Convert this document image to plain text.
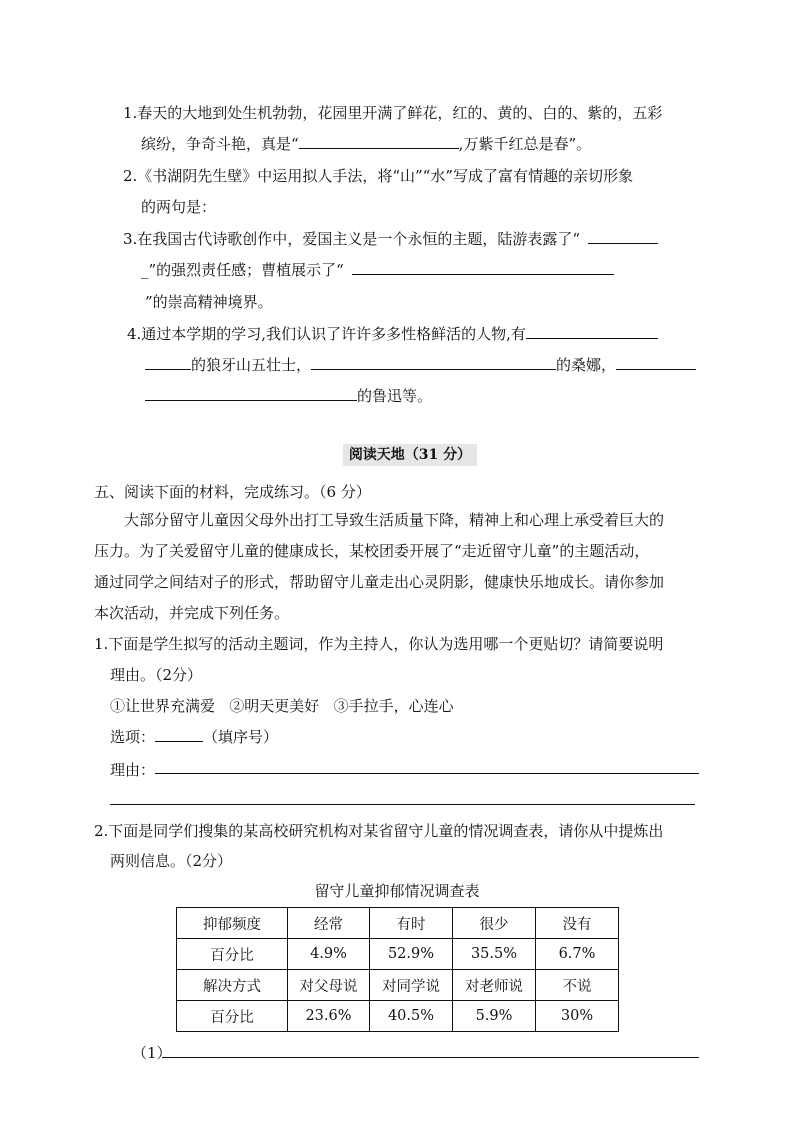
1.春天的大地到处生机勃勃，花园里开满了鲜花，红的、黄的、白的、紫的，五彩
缤纷，争奇斗艳，真是“	,万紫千红总是春”。
2.《书湖阴先生壁》中运用拟人手法，将“山”“水”写成了富有情趣的亲切形象
的两句是：
3.在我国古代诗歌创作中，爱国主义是一个永恒的主题，陆游表露了“
_”的强烈责任感；曹植展示了“
”的崇高精神境界。
4.通过本学期的学习,我们认识了许许多多性格鲜活的人物,有
的狼牙山五壮士，	的桑娜，
的鲁迅等。
阅读天地（31 分）
五、阅读下面的材料，完成练习。（6 分）
大部分留守儿童因父母外出打工导致生活质量下降，精神上和心理上承受着巨大的
压力。为了关爱留守儿童的健康成长，某校团委开展了“走近留守儿童”的主题活动，
通过同学之间结对子的形式，帮助留守儿童走出心灵阴影，健康快乐地成长。请你参加
本次活动，并完成下列任务。
1.下面是学生拟写的活动主题词，作为主持人，你认为选用哪一个更贴切？请简要说明
理由。（2分）
①让世界充满爱   ②明天更美好   ③手拉手，心连心
选项：	（填序号）
理由：
2.下面是同学们搜集的某高校研究机构对某省留守儿童的情况调查表，请你从中提炼出
两则信息。（2分）
留守儿童抑郁情况调查表
抑郁频度	经常	有时	很少	没有
百分比	4.9%	52.9%	35.5%	6.7%
解决方式	对父母说	对同学说	对老师说	不说
百分比	23.6%	40.5%	5.9%	30%
（1）
